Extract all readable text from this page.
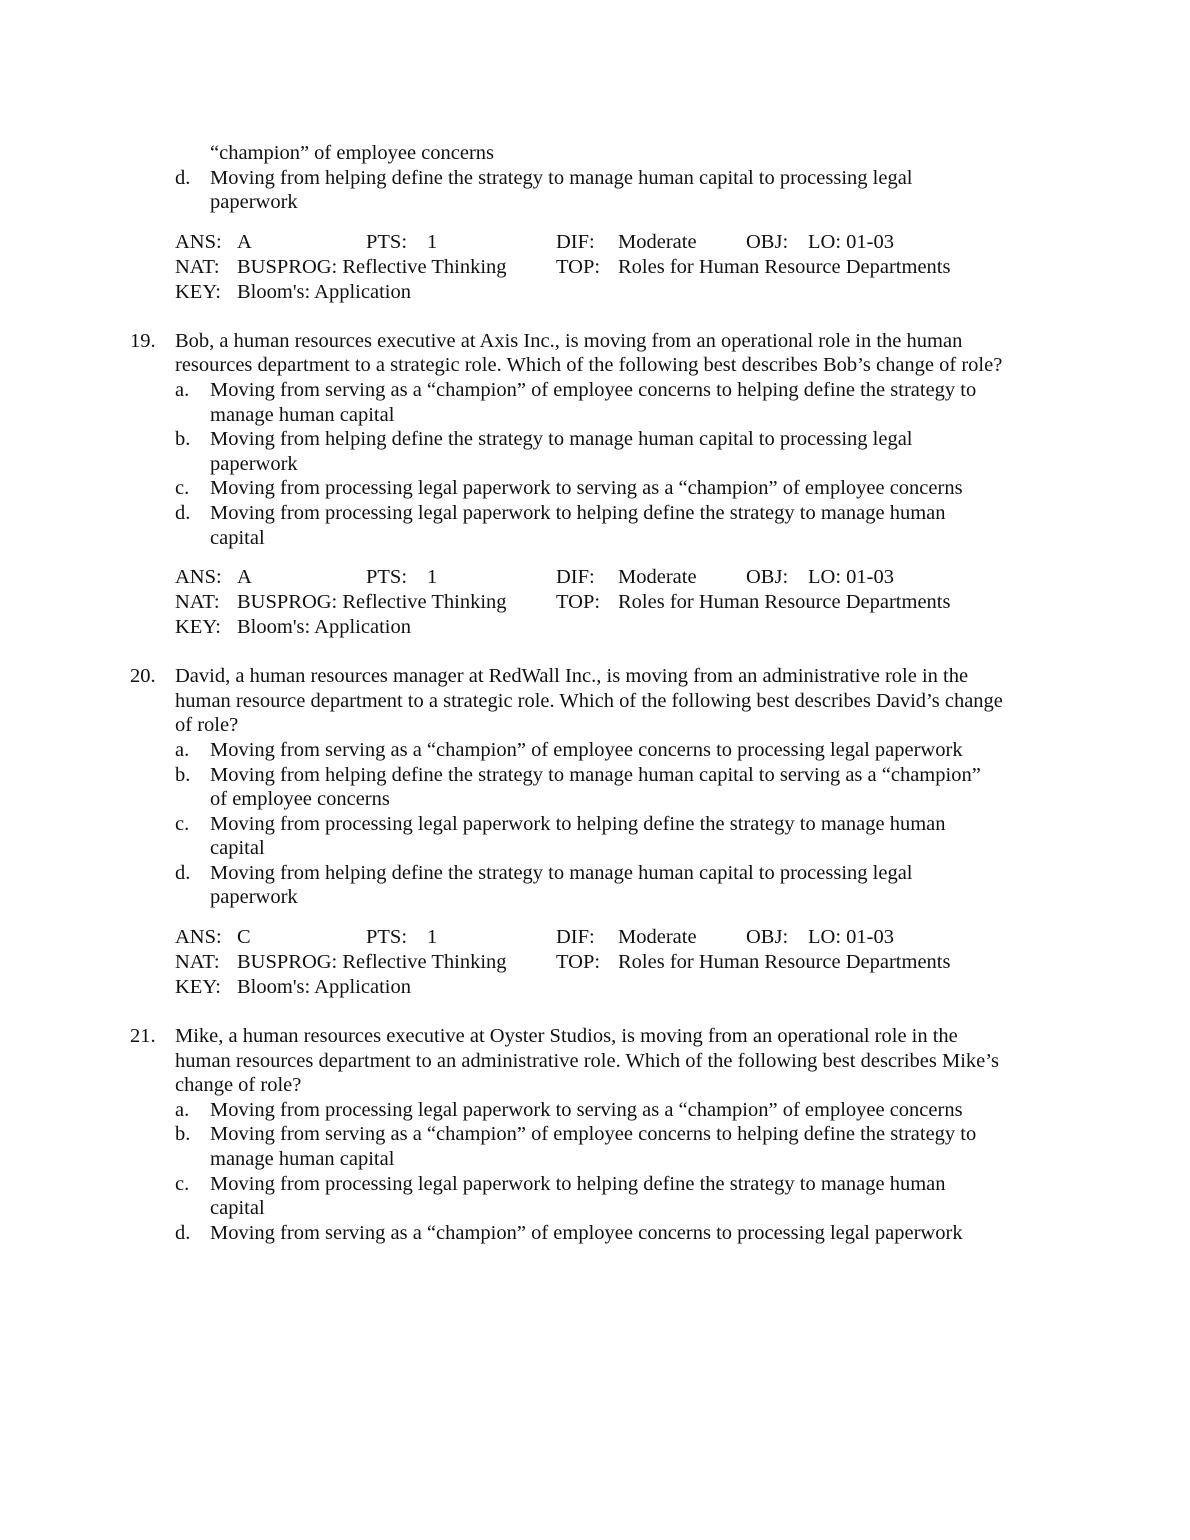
“champion” of employee concerns
d. Moving from helping define the strategy to manage human capital to processing legal paperwork
ANS: A	PTS: 1	DIF: Moderate OBJ: LO: 01-03
NAT: BUSPROG: Reflective Thinking TOP: Roles for Human Resource Departments
KEY: Bloom's: Application
19. Bob, a human resources executive at Axis Inc., is moving from an operational role in the human resources department to a strategic role. Which of the following best describes Bob’s change of role?
a. Moving from serving as a “champion” of employee concerns to helping define the strategy to manage human capital
b. Moving from helping define the strategy to manage human capital to processing legal paperwork
c. Moving from processing legal paperwork to serving as a “champion” of employee concerns
d. Moving from processing legal paperwork to helping define the strategy to manage human capital
ANS: A	PTS: 1	DIF: Moderate OBJ: LO: 01-03
NAT: BUSPROG: Reflective Thinking TOP: Roles for Human Resource Departments
KEY: Bloom's: Application
20. David, a human resources manager at RedWall Inc., is moving from an administrative role in the human resource department to a strategic role. Which of the following best describes David’s change of role?
a. Moving from serving as a “champion” of employee concerns to processing legal paperwork
b. Moving from helping define the strategy to manage human capital to serving as a “champion” of employee concerns
c. Moving from processing legal paperwork to helping define the strategy to manage human capital
d. Moving from helping define the strategy to manage human capital to processing legal paperwork
ANS: C	PTS: 1	DIF: Moderate OBJ: LO: 01-03
NAT: BUSPROG: Reflective Thinking TOP: Roles for Human Resource Departments
KEY: Bloom's: Application
21. Mike, a human resources executive at Oyster Studios, is moving from an operational role in the human resources department to an administrative role. Which of the following best describes Mike’s change of role?
a. Moving from processing legal paperwork to serving as a “champion” of employee concerns
b. Moving from serving as a “champion” of employee concerns to helping define the strategy to manage human capital
c. Moving from processing legal paperwork to helping define the strategy to manage human capital
d. Moving from serving as a “champion” of employee concerns to processing legal paperwork
